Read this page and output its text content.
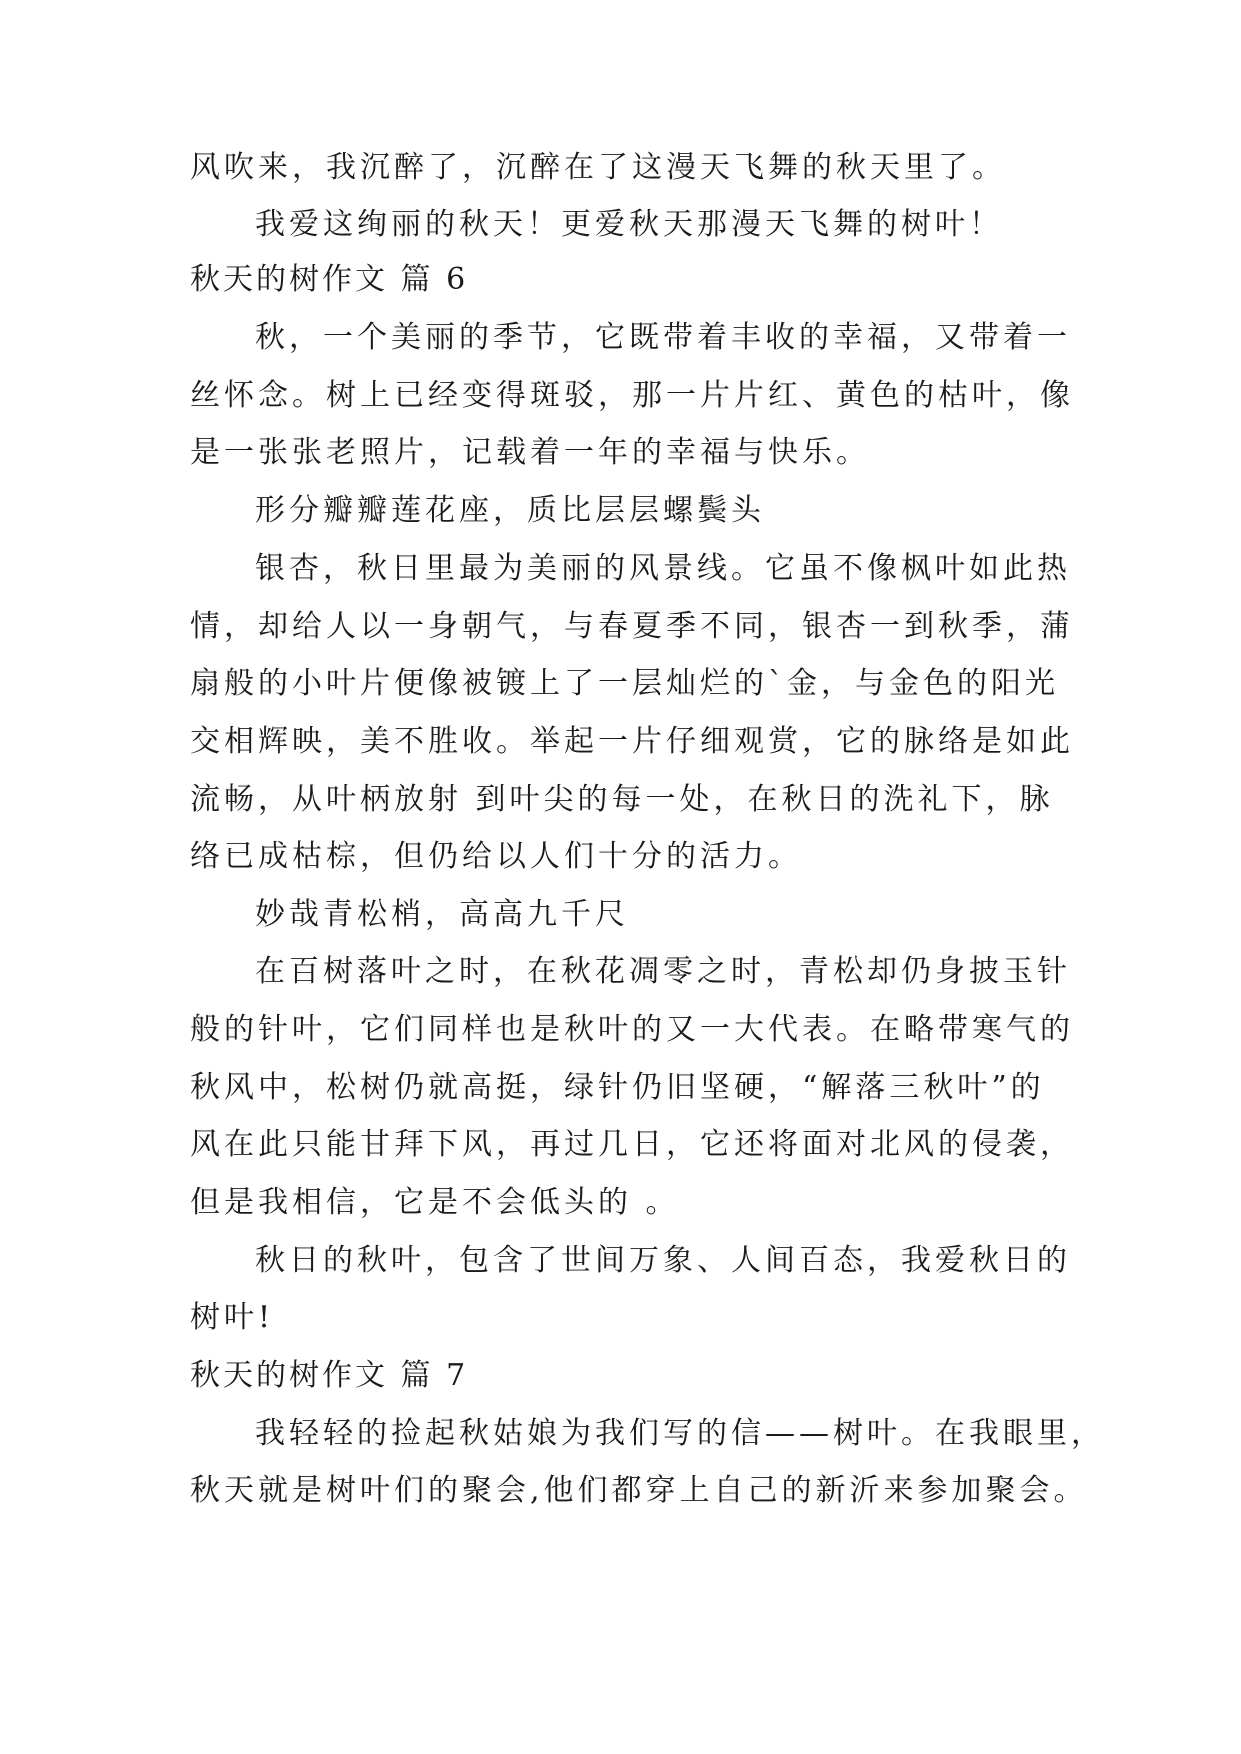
风吹来，我沉醉了，沉醉在了这漫天飞舞的秋天里了。
我爱这绚丽的秋天！更爱秋天那漫天飞舞的树叶！
秋天的树作文 篇 6
秋，一个美丽的季节，它既带着丰收的幸福，又带着一
丝怀念。树上已经变得斑驳，那一片片红、黄色的枯叶，像
是一张张老照片，记载着一年的幸福与快乐。
形分瓣瓣莲花座，质比层层螺鬓头
银杏，秋日里最为美丽的风景线。它虽不像枫叶如此热
情，却给人以一身朝气，与春夏季不同，银杏一到秋季，蒲
扇般的小叶片便像被镀上了一层灿烂的`金，与金色的阳光
交相辉映，美不胜收。举起一片仔细观赏，它的脉络是如此
流畅，从叶柄放射 到叶尖的每一处，在秋日的洗礼下，脉
络已成枯棕，但仍给以人们十分的活力。
妙哉青松梢，高高九千尺
在百树落叶之时，在秋花凋零之时，青松却仍身披玉针
般的针叶，它们同样也是秋叶的又一大代表。在略带寒气的
秋风中，松树仍就高挺，绿针仍旧坚硬，“解落三秋叶”的
风在此只能甘拜下风，再过几日，它还将面对北风的侵袭，
但是我相信，它是不会低头的 。
秋日的秋叶，包含了世间万象、人间百态，我爱秋日的
树叶!
秋天的树作文 篇 7
我轻轻的捡起秋姑娘为我们写的信——树叶。在我眼里，
秋天就是树叶们的聚会,他们都穿上自己的新沂来参加聚会。
